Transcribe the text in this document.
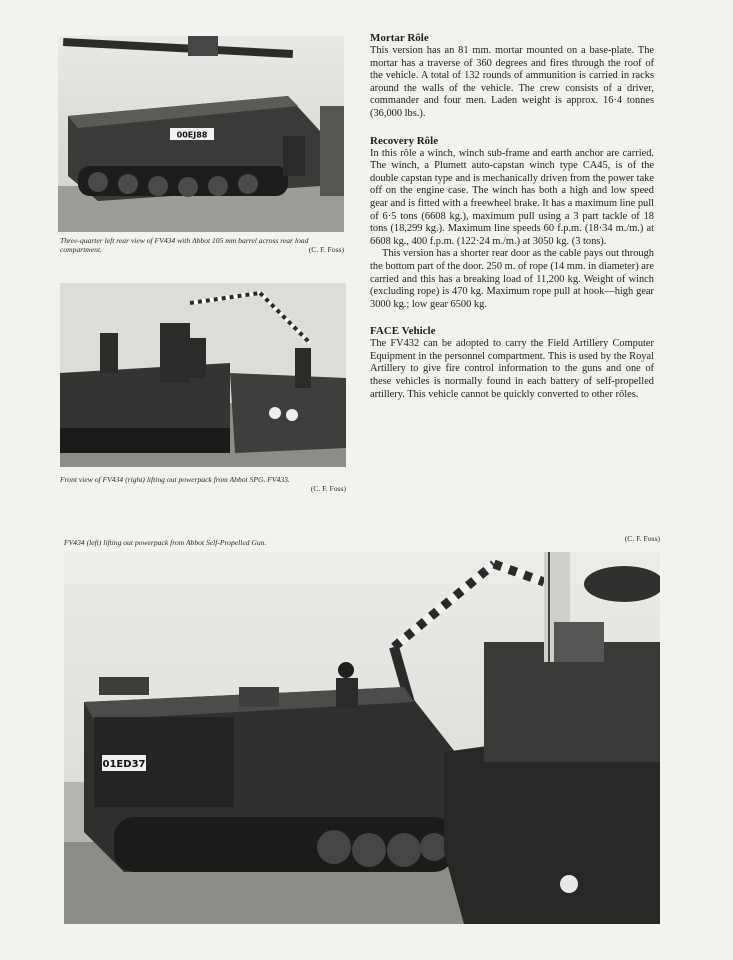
00EJ88
Three-quarter left rear view of FV434 with Abbot 105 mm barrel across rear load compartment.	(C. F. Foss)
Front view of FV434 (right) lifting out powerpack from Abbot SPG. FV433.
(C. F. Foss)

Mortar Rôle

This version has an 81 mm. mortar mounted on a base-plate. The mortar has a traverse of 360 degrees and fires through the roof of the vehicle. A total of 132 rounds of ammunition is carried in racks around the walls of the vehicle. The crew consists of a driver, commander and four men. Laden weight is approx. 16·4 tonnes (36,000 lbs.).

Recovery Rôle

In this rôle a winch, winch sub-frame and earth anchor are carried. The winch, a Plumett auto-capstan winch type CA45, is of the double capstan type and is mechanically driven from the power take off on the engine case. The winch has both a high and low speed gear and is fitted with a freewheel brake. It has a maximum line pull of 6·5 tons (6608 kg.), maximum pull using a 3 part tackle of 18 tons (18,299 kg.). Maximum line speeds 60 f.p.m. (18·34 m./m.) at 6608 kg., 400 f.p.m. (122·24 m./m.) at 3050 kg. (3 tons).

This version has a shorter rear door as the cable pays out through the bottom part of the door. 250 m. of rope (14 mm. in diameter) are carried and this has a breaking load of 11,200 kg. Weight of winch (excluding rope) is 470 kg. Maximum rope pull at hook—high gear 3000 kg.; low gear 6500 kg.

FACE Vehicle

The FV432 can be adopted to carry the Field Artillery Computer Equipment in the personnel compartment. This is used by the Royal Artillery to give fire control information to the guns and one of these vehicles is normally found in each battery of self-propelled artillery. This vehicle cannot be quickly converted to other rôles.

FV434 (left) lifting out powerpack from Abbot Self-Propelled Gun.	(C. F. Foss)
01ED37
